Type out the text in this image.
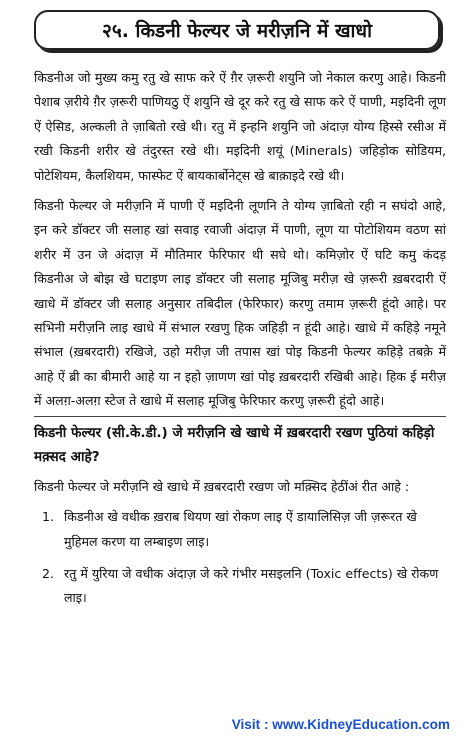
२५. किडनी फेल्यर जे मरीज़नि में खाधो

किडनीअ जो मुख्य कमु रतु खे साफ करे ऐं ग़ैर ज़रूरी शयुनि जो नेकाल करणु आहे। किडनी पेशाब ज़रीये ग़ैर ज़रूरी पाणियठु ऐं शयुनि खे दूर करे रतु खे साफ करे ऐं पाणी, मइदिनी लूण ऐं ऐसिड, अल्कली ते ज़ाबितो रखे थी। रतु में इन्हनि शयुनि जो अंदाज़ योग्य हिस्से रसीअ में रखी किडनी शरीर खे तंदुरस्त रखे थी। मइदिनी शयूं (Minerals) जहिड़ोक सोडियम, पोटेशियम, कैलशियम, फास्फेट ऐं बायकार्बोनेट्स खे बाक़ाइदे रखे थी।

किडनी फेल्यर जे मरीज़नि में पाणी ऐं मइदिनी लूणनि ते योग्य ज़ाबितो रही न सघंदो आहे, इन करे डॉक्टर जी सलाह खां सवाइ रवाजी अंदाज़ में पाणी, लूण या पोटोशियम वठण सां शरीर में उन जे अंदाज़ में मौतिमार फेरिफार थी सघे थो। कमिज़ोर ऐं घटि कमु कंदड़ किडनीअ जे बोझ खे घटाइण लाइ डॉक्टर जी सलाह मूजिबु मरीज़ खे ज़रूरी ख़बरदारी ऐं खाधे में डॉक्टर जी सलाह अनुसार तबिदील (फेरिफार) करणु तमाम ज़रूरी हूंदो आहे। पर सभिनी मरीज़नि लाइ खाधे में संभाल रखणु हिक जहिड़ी न हूंदी आहे। खाधे में कहिड़े नमूने संभाल (ख़बरदारी) रखिजे, उहो मरीज़ जी तपास खां पोइ किडनी फेल्यर कहिड़े तबक़े में आहे ऐं ब्री का बीमारी आहे या न इहो ज़ाणण खां पोइ ख़बरदारी रखिबी आहे। हिक ई मरीज़ में अलग़-अलग़ स्टेज ते खाधे में सलाह मूजिबु फेरिफार करणु ज़रूरी हूंदो आहे।

किडनी फेल्यर (सी.के.डी.) जे मरीज़नि खे खाधे में ख़बरदारी रखण पुठियां कहिड़ो मक़्सद आहे?

किडनी फेल्यर जे मरीज़नि खे खाधे में ख़बरदारी रखण जो मक़्सिद हेठींअं रीत आहे :

1. किडनीअ खे वधीक ख़राब थियण खां रोकण लाइ ऐं डायालिसिज़ जी ज़रूरत खे मुहिमल करण या लम्बाइण लाइ।
2. रतु में युरिया जे वधीक अंदाज़ जे करे गंभीर मसइलनि (Toxic effects) खे रोकण लाइ।
Visit : www.KidneyEducation.com
